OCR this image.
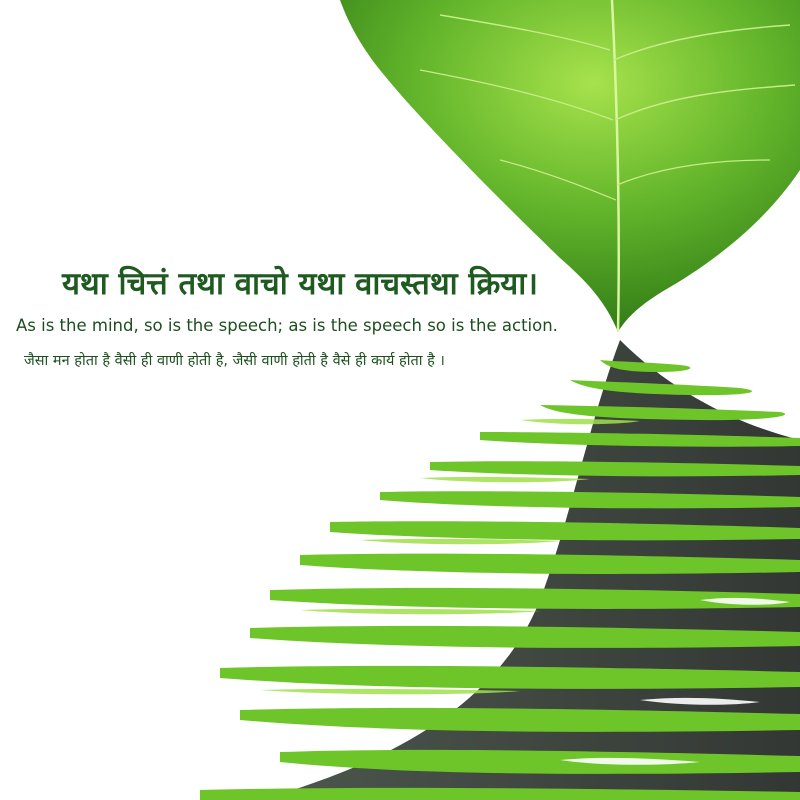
यथा चित्तं तथा वाचो यथा वाचस्तथा क्रिया।
As is the mind, so is the speech; as is the speech so is the action.
जैसा मन होता है वैसी ही वाणी होती है, जैसी वाणी होती है वैसे ही कार्य होता है ।
